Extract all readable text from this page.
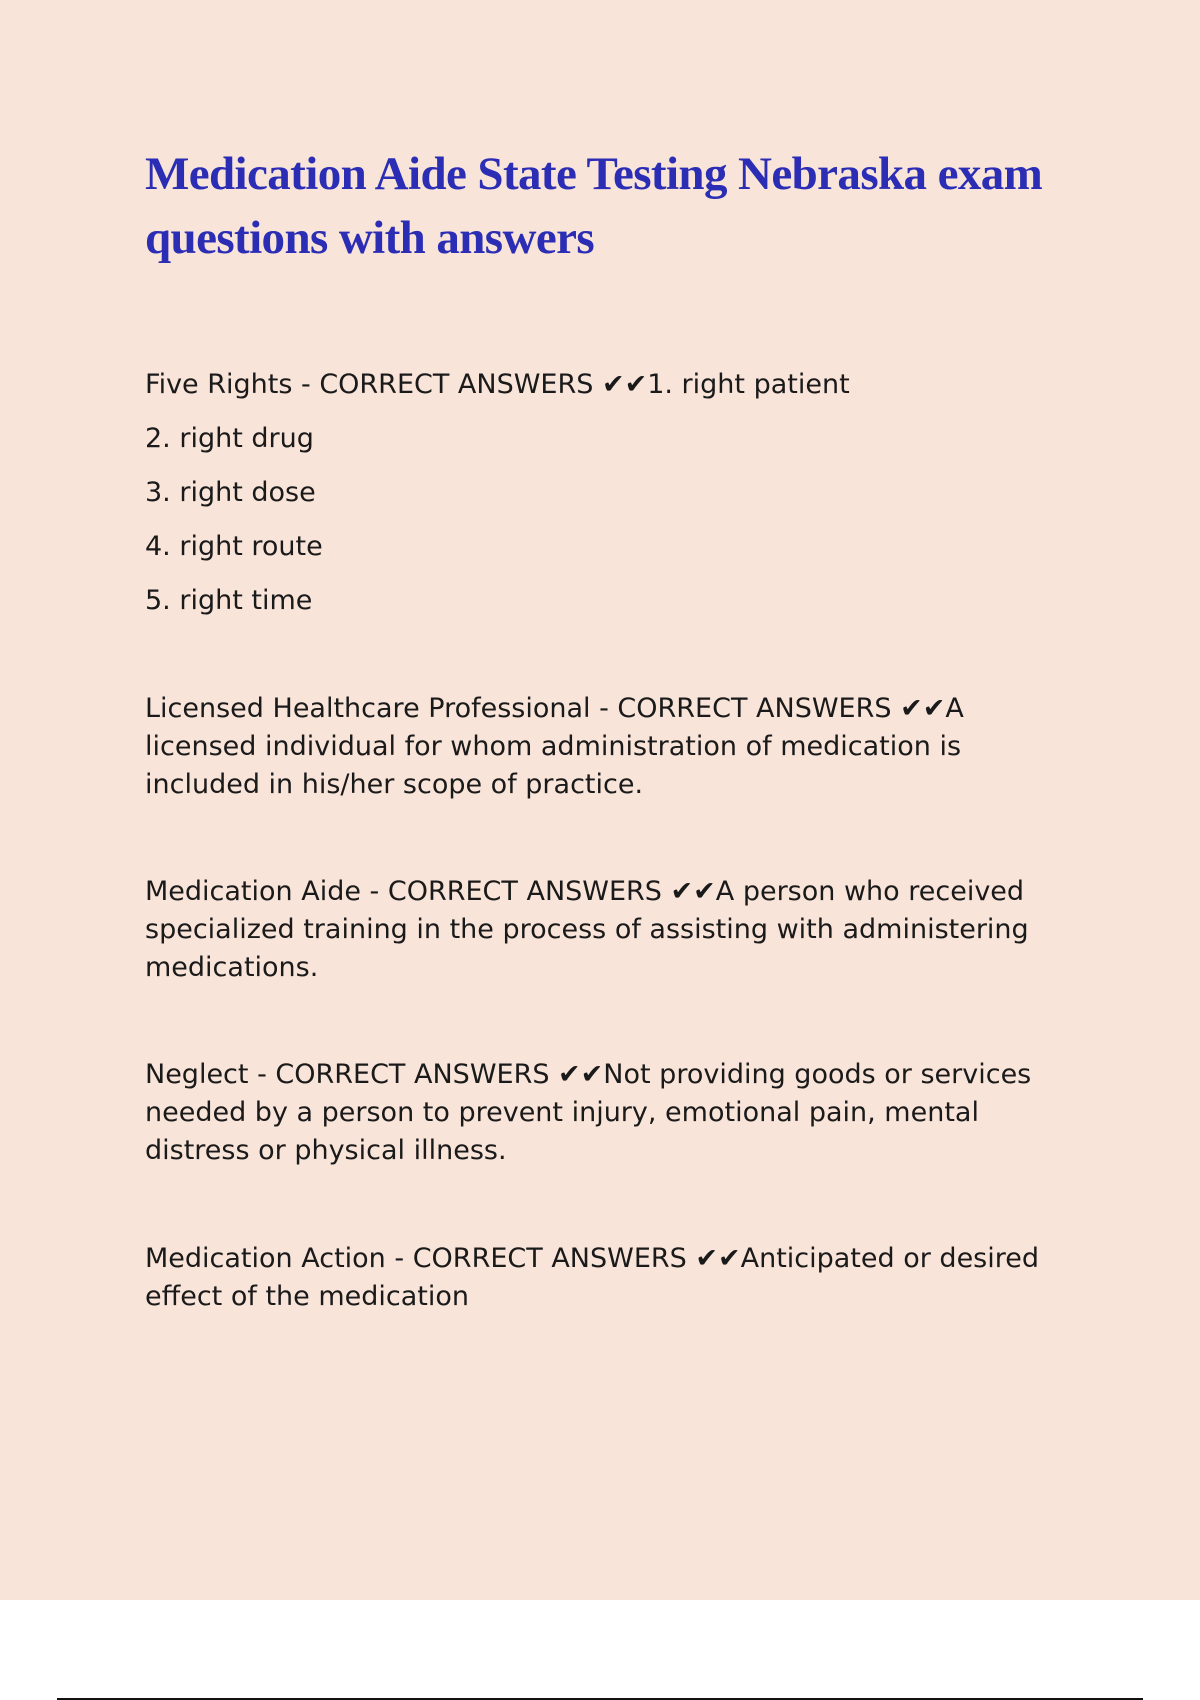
Medication Aide State Testing Nebraska exam questions with answers
Five Rights - CORRECT ANSWERS ✔✔1. right patient
2. right drug
3. right dose
4. right route
5. right time

Licensed Healthcare Professional - CORRECT ANSWERS ✔✔A
licensed individual for whom administration of medication is
included in his/her scope of practice.

Medication Aide - CORRECT ANSWERS ✔✔A person who received
specialized training in the process of assisting with administering
medications.

Neglect - CORRECT ANSWERS ✔✔Not providing goods or services
needed by a person to prevent injury, emotional pain, mental
distress or physical illness.

Medication Action - CORRECT ANSWERS ✔✔Anticipated or desired
effect of the medication
